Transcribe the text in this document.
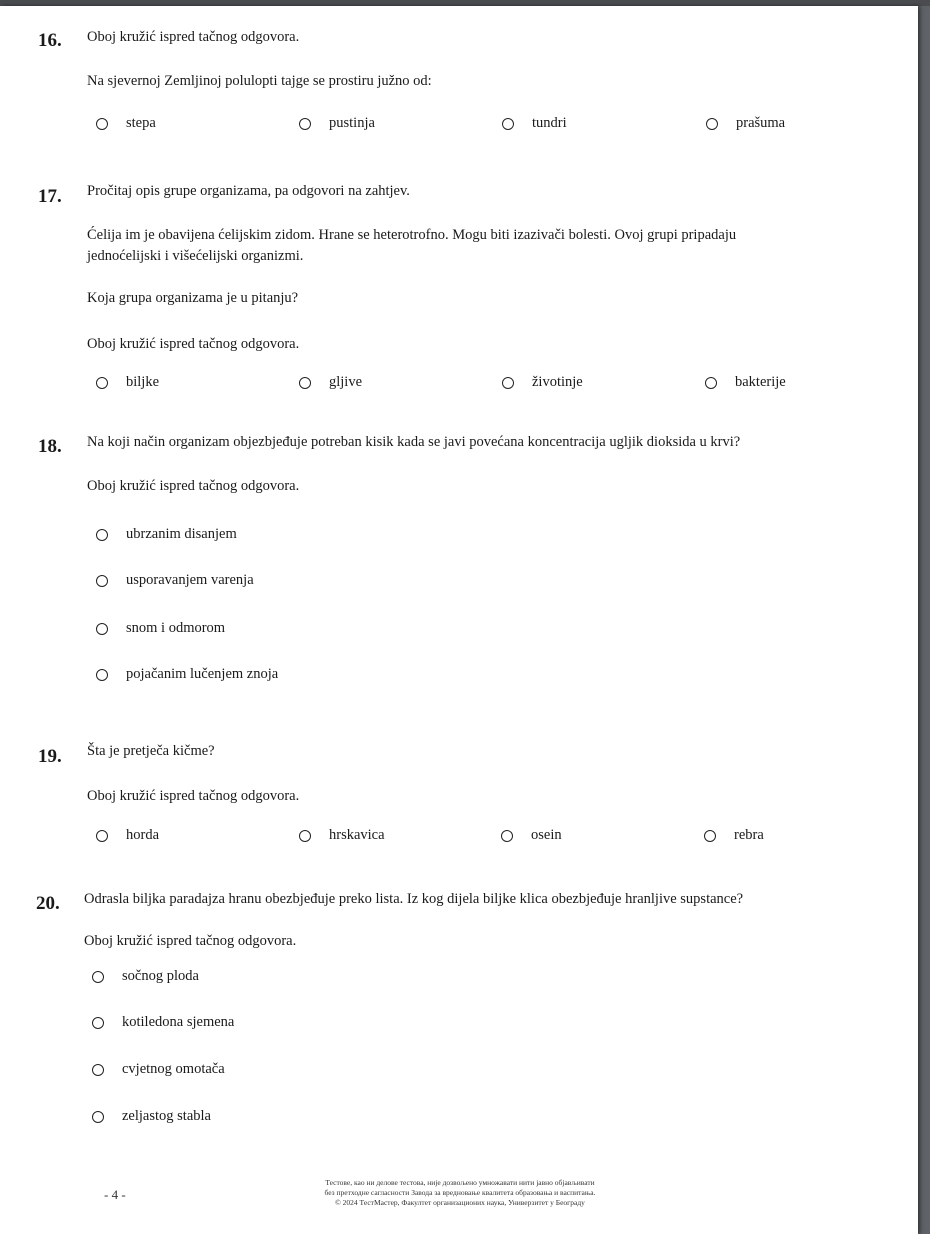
16. Oboj kružić ispred tačnog odgovora.
Na sjevernoj Zemljinoj polulopti tajge se prostiru južno od:
stepa	pustinja	tundri	prašuma
17. Pročitaj opis grupe organizama, pa odgovori na zahtjev.
Ćelija im je obavijena ćelijskim zidom. Hrane se heterotrofno. Mogu biti izazivači bolesti. Ovoj grupi pripadaju
jednoćelijski i višećelijski organizmi.
Koja grupa organizama je u pitanju?
Oboj kružić ispred tačnog odgovora.
biljke	gljive	životinje	bakterije
18. Na koji način organizam objezbjeđuje potreban kisik kada se javi povećana koncentracija ugljik dioksida u krvi?
Oboj kružić ispred tačnog odgovora.
ubrzanim disanjem
usporavanjem varenja
snom i odmorom
pojačanim lučenjem znoja
19. Šta je pretječa kičme?
Oboj kružić ispred tačnog odgovora.
horda	hrskavica	osein	rebra
20. Odrasla biljka paradajza hranu obezbjeđuje preko lista. Iz kog dijela biljke klica obezbjeđuje hranljive supstance?
Oboj kružić ispred tačnog odgovora.
sočnog ploda
kotiledona sjemena
cvjetnog omotača
zeljastog stabla
- 4 -
Тестове, као ни делове тестова, није дозвољено умножавати нити јавно објављивати
без претходне сагласности Завода за вредновање квалитета образовања и васпитања.
© 2024 ТестМастер, Факултет организационих наука, Универзитет у Београду
